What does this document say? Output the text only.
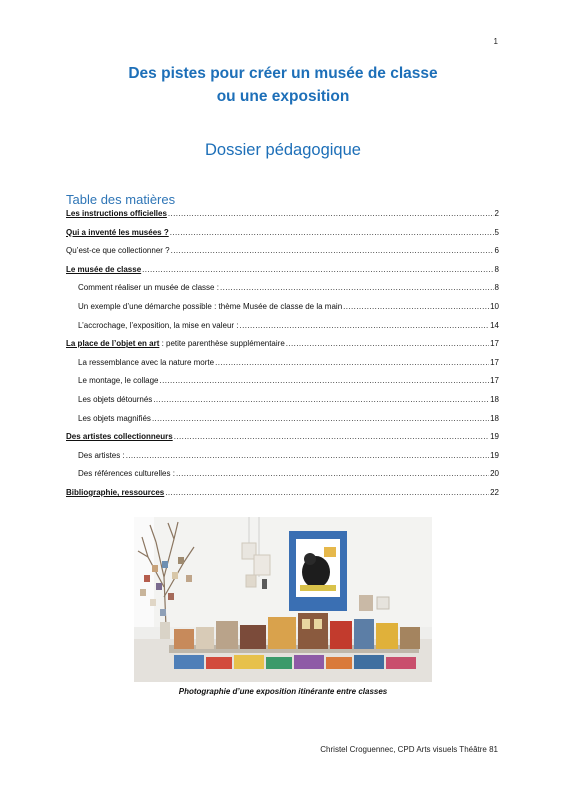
1
Des pistes pour créer un musée de classe
ou une exposition
Dossier pédagogique
Table des matières
Les instructions officielles .....	2
Qui a inventé les musées ? .....	5
Qu’est-ce que collectionner ? .....	6
Le musée de classe .....	8
Comment réaliser un musée de classe : .....	8
Un exemple d’une démarche possible : thème Musée de classe de la main .....	10
L’accrochage, l’exposition, la mise en valeur : .....	14
La place de l’objet en art : petite parenthèse supplémentaire .....	17
La ressemblance avec la nature morte .....	17
Le montage, le collage .....	17
Les objets détournés .....	18
Les objets magnifiés .....	18
Des artistes collectionneurs .....	19
Des artistes : .....	19
Des références culturelles : .....	20
Bibliographie, ressources .....	22
Photographie d’une exposition itinérante entre classes
Christel Croguennec, CPD Arts visuels Théâtre 81
